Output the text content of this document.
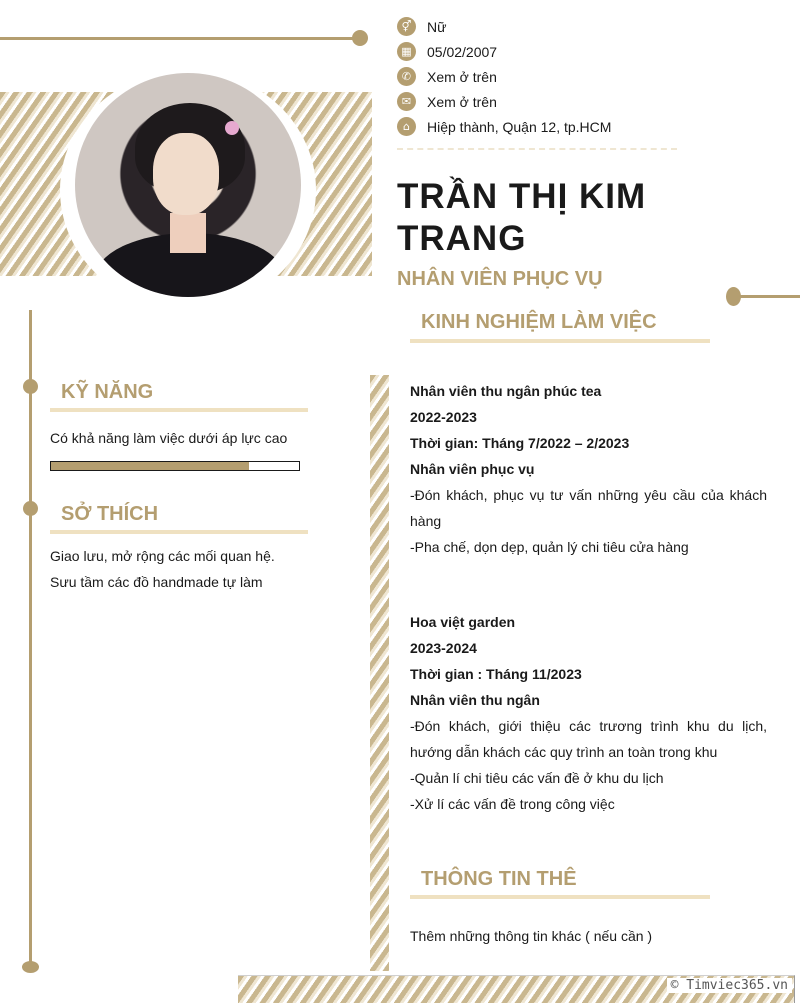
⚥	Nữ
▦	05/02/2007
✆	Xem ở trên
✉	Xem ở trên
⌂	Hiệp thành, Quận 12, tp.HCM
TRẦN THỊ KIM
TRANG
NHÂN VIÊN PHỤC VỤ
KỸ NĂNG
Có khả năng làm việc dưới áp lực cao
SỞ THÍCH
Giao lưu, mở rộng các mối quan hệ.
Sưu tầm các đồ handmade tự làm
KINH NGHIỆM LÀM VIỆC
Nhân viên thu ngân phúc tea
2022-2023
Thời gian: Tháng 7/2022 – 2/2023
Nhân viên phục vụ
-Đón khách, phục vụ tư vấn những yêu cầu của khách hàng
-Pha chế, dọn dẹp, quản lý chi tiêu cửa hàng
Hoa việt garden
2023-2024
Thời gian : Tháng 11/2023
Nhân viên thu ngân
-Đón khách, giới thiệu các trương trình khu du lịch, hướng dẫn khách các quy trình an toàn trong khu
-Quản lí chi tiêu các vấn đề ở khu du lịch
-Xử lí các vấn đề trong công việc
THÔNG TIN THÊ
Thêm những thông tin khác ( nếu cần )
© Timviec365.vn
